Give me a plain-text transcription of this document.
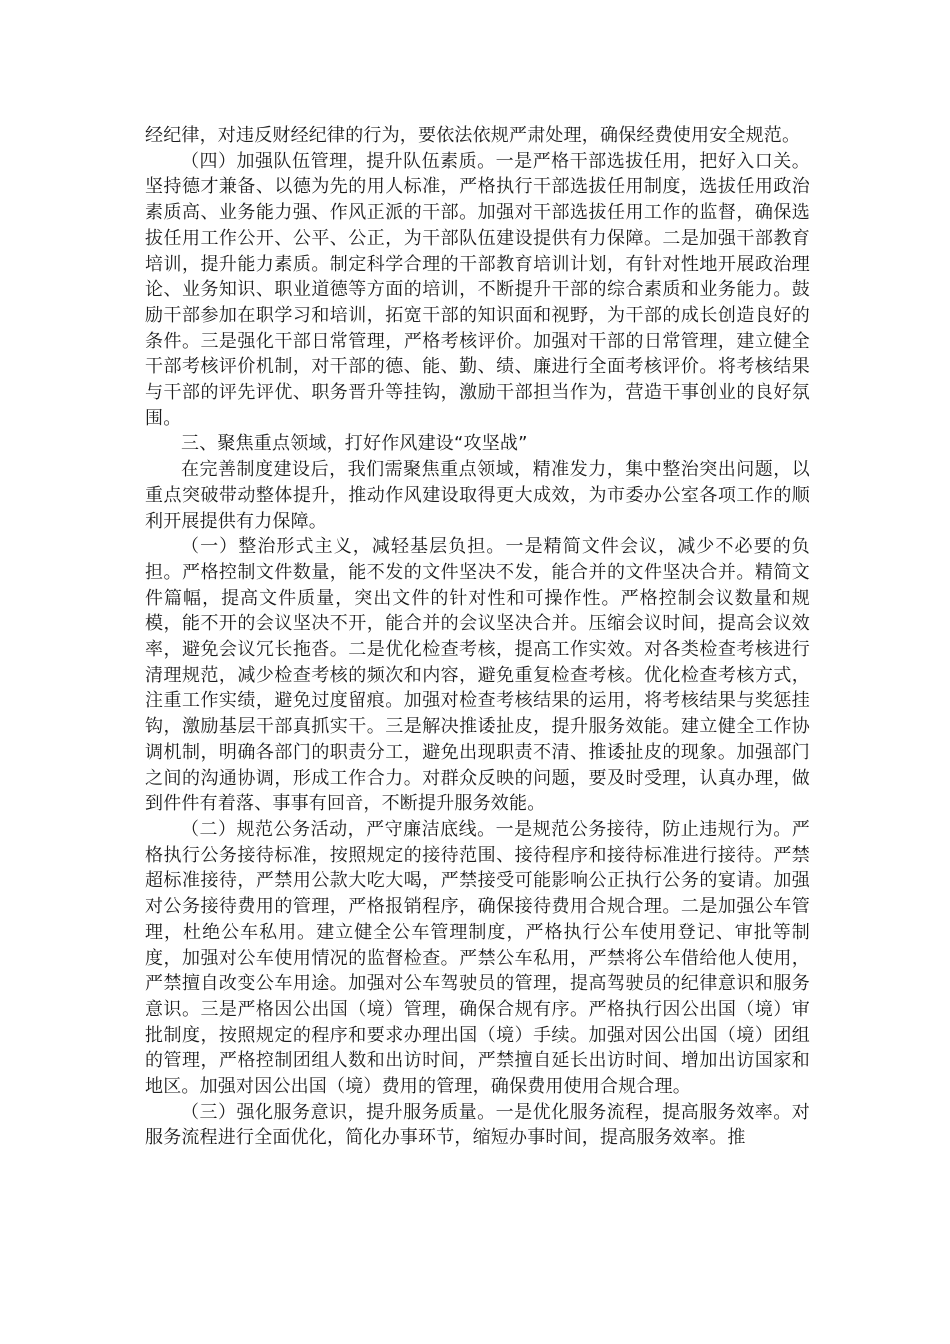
经纪律，对违反财经纪律的行为，要依法依规严肃处理，确保经费使用安全规范。

（四）加强队伍管理，提升队伍素质。一是严格干部选拔任用，把好入口关。坚持德才兼备、以德为先的用人标准，严格执行干部选拔任用制度，选拔任用政治素质高、业务能力强、作风正派的干部。加强对干部选拔任用工作的监督，确保选拔任用工作公开、公平、公正，为干部队伍建设提供有力保障。二是加强干部教育培训，提升能力素质。制定科学合理的干部教育培训计划，有针对性地开展政治理论、业务知识、职业道德等方面的培训，不断提升干部的综合素质和业务能力。鼓励干部参加在职学习和培训，拓宽干部的知识面和视野，为干部的成长创造良好的条件。三是强化干部日常管理，严格考核评价。加强对干部的日常管理，建立健全干部考核评价机制，对干部的德、能、勤、绩、廉进行全面考核评价。将考核结果与干部的评先评优、职务晋升等挂钩，激励干部担当作为，营造干事创业的良好氛围。

三、聚焦重点领域，打好作风建设“攻坚战”

在完善制度建设后，我们需聚焦重点领域，精准发力，集中整治突出问题，以重点突破带动整体提升，推动作风建设取得更大成效，为市委办公室各项工作的顺利开展提供有力保障。

（一）整治形式主义，减轻基层负担。一是精简文件会议，减少不必要的负担。严格控制文件数量，能不发的文件坚决不发，能合并的文件坚决合并。精简文件篇幅，提高文件质量，突出文件的针对性和可操作性。严格控制会议数量和规模，能不开的会议坚决不开，能合并的会议坚决合并。压缩会议时间，提高会议效率，避免会议冗长拖沓。二是优化检查考核，提高工作实效。对各类检查考核进行清理规范，减少检查考核的频次和内容，避免重复检查考核。优化检查考核方式，注重工作实绩，避免过度留痕。加强对检查考核结果的运用，将考核结果与奖惩挂钩，激励基层干部真抓实干。三是解决推诿扯皮，提升服务效能。建立健全工作协调机制，明确各部门的职责分工，避免出现职责不清、推诿扯皮的现象。加强部门之间的沟通协调，形成工作合力。对群众反映的问题，要及时受理，认真办理，做到件件有着落、事事有回音，不断提升服务效能。

（二）规范公务活动，严守廉洁底线。一是规范公务接待，防止违规行为。严格执行公务接待标准，按照规定的接待范围、接待程序和接待标准进行接待。严禁超标准接待，严禁用公款大吃大喝，严禁接受可能影响公正执行公务的宴请。加强对公务接待费用的管理，严格报销程序，确保接待费用合规合理。二是加强公车管理，杜绝公车私用。建立健全公车管理制度，严格执行公车使用登记、审批等制度，加强对公车使用情况的监督检查。严禁公车私用，严禁将公车借给他人使用，严禁擅自改变公车用途。加强对公车驾驶员的管理，提高驾驶员的纪律意识和服务意识。三是严格因公出国（境）管理，确保合规有序。严格执行因公出国（境）审批制度，按照规定的程序和要求办理出国（境）手续。加强对因公出国（境）团组的管理，严格控制团组人数和出访时间，严禁擅自延长出访时间、增加出访国家和地区。加强对因公出国（境）费用的管理，确保费用使用合规合理。

（三）强化服务意识，提升服务质量。一是优化服务流程，提高服务效率。对服务流程进行全面优化，简化办事环节，缩短办事时间，提高服务效率。推
